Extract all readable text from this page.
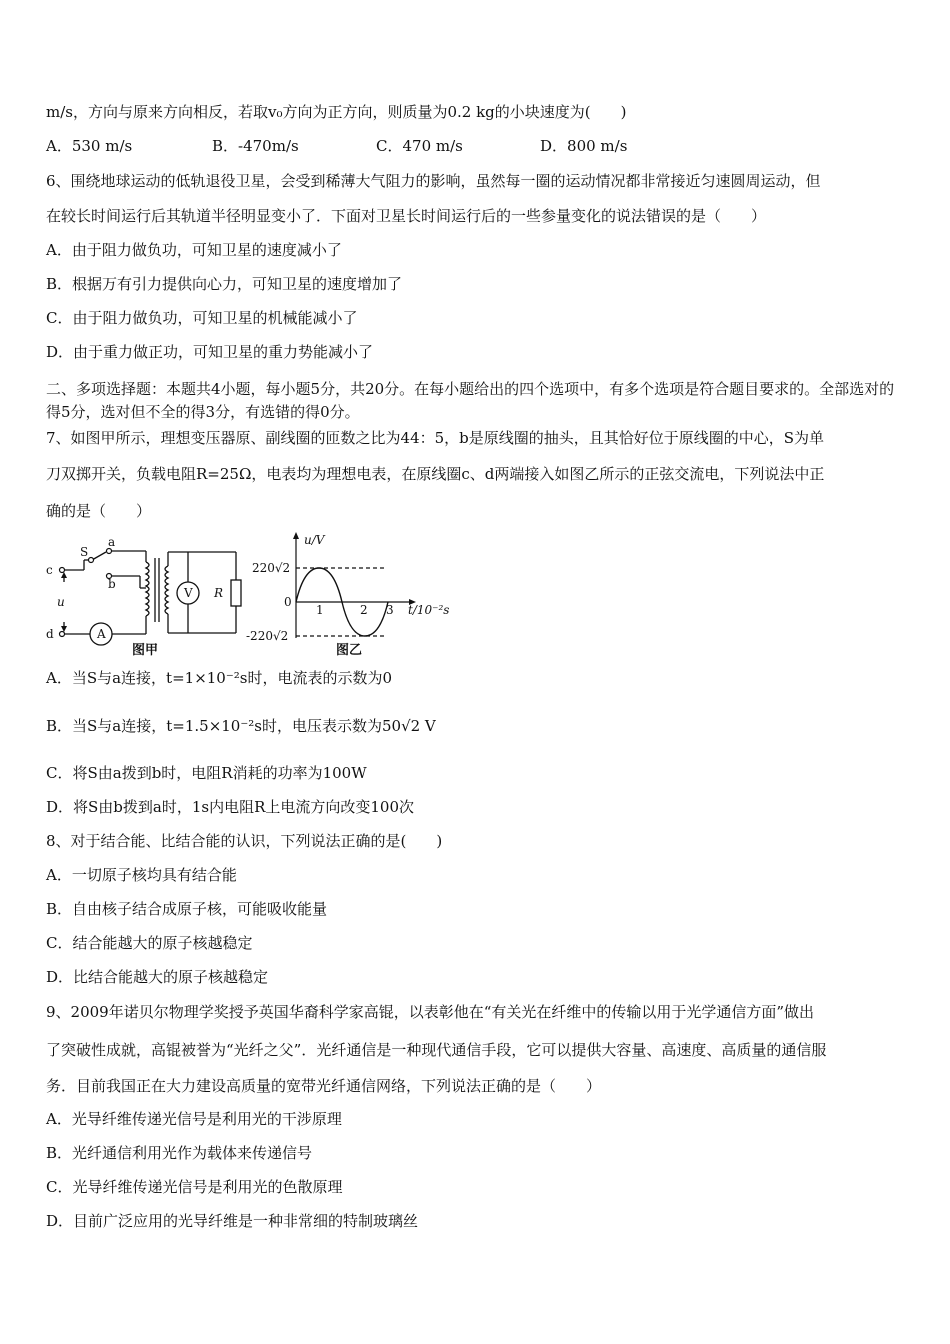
m/s，方向与原来方向相反，若取v₀方向为正方向，则质量为0.2 kg的小块速度为(　　)
A．530 m/s	B．-470m/s	C．470 m/s	D．800 m/s
6、围绕地球运动的低轨退役卫星，会受到稀薄大气阻力的影响，虽然每一圈的运动情况都非常接近匀速圆周运动，但
在较长时间运行后其轨道半径明显变小了．下面对卫星长时间运行后的一些参量变化的说法错误的是（　　）
A．由于阻力做负功，可知卫星的速度减小了
B．根据万有引力提供向心力，可知卫星的速度增加了
C．由于阻力做负功，可知卫星的机械能减小了
D．由于重力做正功，可知卫星的重力势能减小了
二、多项选择题：本题共4小题，每小题5分，共20分。在每小题给出的四个选项中，有多个选项是符合题目要求的。全部选对的得5分，选对但不全的得3分，有选错的得0分。
7、如图甲所示，理想变压器原、副线圈的匝数之比为44：5，b是原线圈的抽头，且其恰好位于原线圈的中心，S为单
刀双掷开关，负载电阻R=25Ω，电表均为理想电表，在原线圈c、d两端接入如图乙所示的正弦交流电，下列说法中正
确的是（　　）
c
d
u
S
a
b
V R
A
图甲
u/V
220√2
0
-220√2
1	2 3 t/10⁻²s
图乙
A．当S与a连接，t=1×10⁻²s时，电流表的示数为0
B．当S与a连接，t=1.5×10⁻²s时，电压表示数为50√2 V
C．将S由a拨到b时，电阻R消耗的功率为100W
D．将S由b拨到a时，1s内电阻R上电流方向改变100次
8、对于结合能、比结合能的认识，下列说法正确的是(　　)
A．一切原子核均具有结合能
B．自由核子结合成原子核，可能吸收能量
C．结合能越大的原子核越稳定
D．比结合能越大的原子核越稳定
9、2009年诺贝尔物理学奖授予英国华裔科学家高锟，以表彰他在“有关光在纤维中的传输以用于光学通信方面”做出
了突破性成就，高锟被誉为“光纤之父”．光纤通信是一种现代通信手段，它可以提供大容量、高速度、高质量的通信服
务．目前我国正在大力建设高质量的宽带光纤通信网络，下列说法正确的是（　　）
A．光导纤维传递光信号是利用光的干涉原理
B．光纤通信利用光作为载体来传递信号
C．光导纤维传递光信号是利用光的色散原理
D．目前广泛应用的光导纤维是一种非常细的特制玻璃丝
